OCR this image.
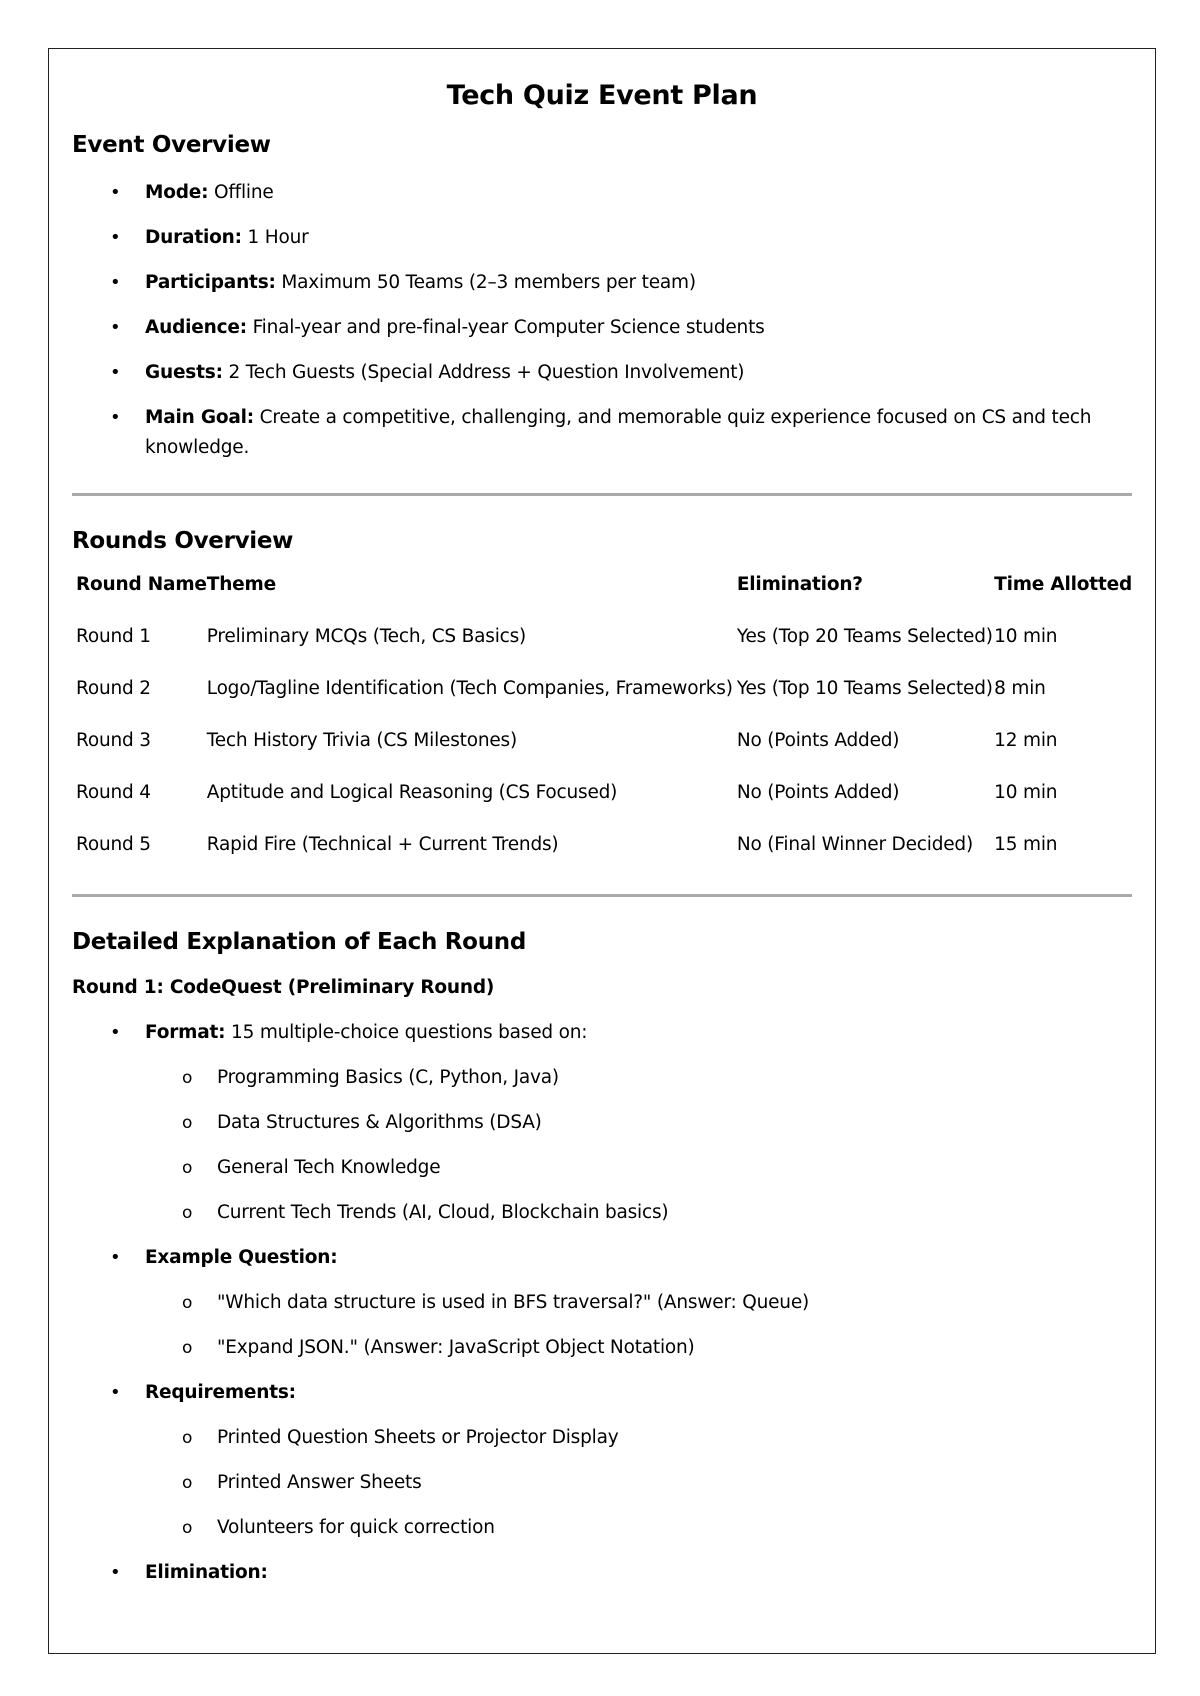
Tech Quiz Event Plan
Event Overview
• Mode: Offline
• Duration: 1 Hour
• Participants: Maximum 50 Teams (2–3 members per team)
• Audience: Final-year and pre-final-year Computer Science students
• Guests: 2 Tech Guests (Special Address + Question Involvement)
• Main Goal: Create a competitive, challenging, and memorable quiz experience focused on CS and tech knowledge.
Rounds Overview
Round Name	Theme	Elimination?	Time Allotted
Round 1	Preliminary MCQs (Tech, CS Basics)	Yes (Top 20 Teams Selected)	10 min
Round 2	Logo/Tagline Identification (Tech Companies, Frameworks)	Yes (Top 10 Teams Selected)	8 min
Round 3	Tech History Trivia (CS Milestones)	No (Points Added)	12 min
Round 4	Aptitude and Logical Reasoning (CS Focused)	No (Points Added)	10 min
Round 5	Rapid Fire (Technical + Current Trends)	No (Final Winner Decided)	15 min
Detailed Explanation of Each Round
Round 1: CodeQuest (Preliminary Round)
• Format: 15 multiple-choice questions based on:
o Programming Basics (C, Python, Java)
o Data Structures & Algorithms (DSA)
o General Tech Knowledge
o Current Tech Trends (AI, Cloud, Blockchain basics)
• Example Question:
o "Which data structure is used in BFS traversal?" (Answer: Queue)
o "Expand JSON." (Answer: JavaScript Object Notation)
• Requirements:
o Printed Question Sheets or Projector Display
o Printed Answer Sheets
o Volunteers for quick correction
• Elimination:
